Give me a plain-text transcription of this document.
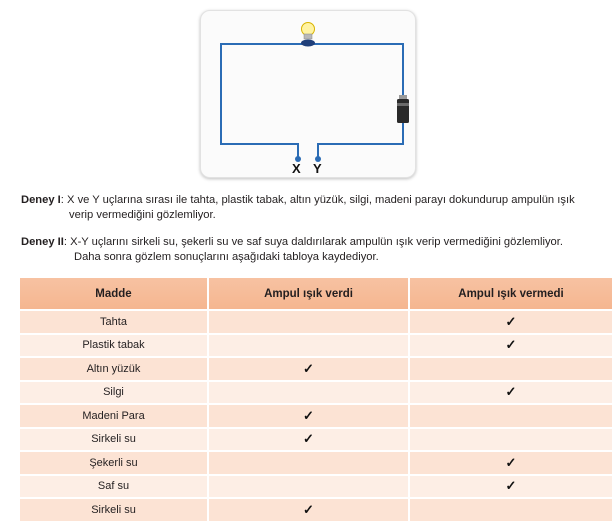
X Y
Deney I: X ve Y uçlarına sırası ile tahta, plastik tabak, altın yüzük, silgi, madeni parayı dokundurup ampulün ışık
verip vermediğini gözlemliyor.
Deney II: X-Y uçlarını sirkeli su, şekerli su ve saf suya daldırılarak ampulün ışık verip vermediğini gözlemliyor.
Daha sonra gözlem sonuçlarını aşağıdaki tabloya kaydediyor.
Madde	Ampul ışık verdi	Ampul ışık vermedi
Tahta		✓
Plastik tabak		✓
Altın yüzük	✓	
Silgi		✓
Madeni Para	✓	
Sirkeli su	✓	
Şekerli su		✓
Saf su		✓
Sirkeli su	✓	
